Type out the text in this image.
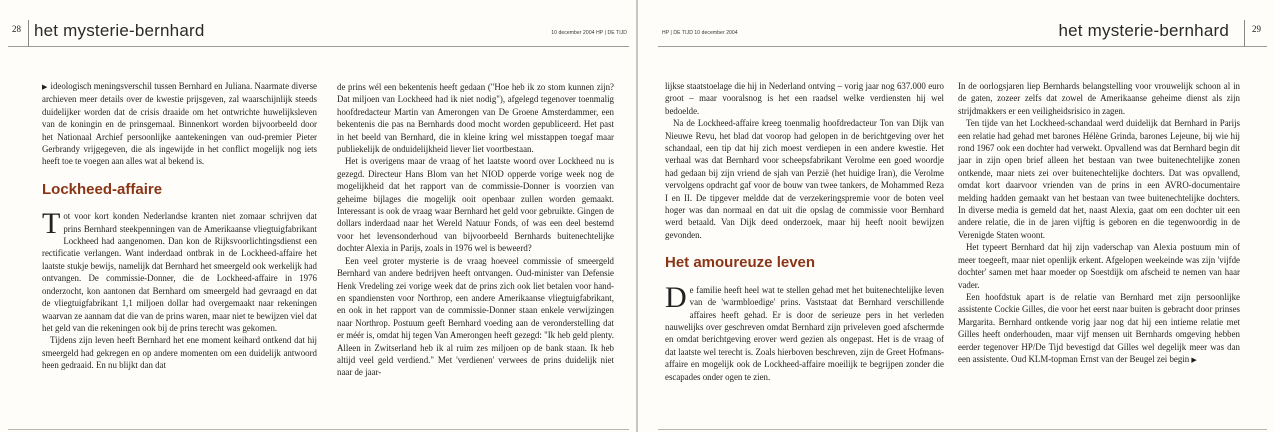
28 het mysterie-bernhard	10 december 2004 HP | DE TIJD

▶ ideologisch meningsverschil tussen Bernhard en Juliana. Naarmate diverse archieven meer details over de kwestie prijsgeven, zal waarschijnlijk steeds duidelijker worden dat de crisis draaide om het ontwrichte huwelijksleven van de koningin en de prinsgemaal. Binnenkort worden bijvoorbeeld door het Nationaal Archief persoonlijke aantekeningen van oud-premier Pieter Gerbrandy vrijgegeven, die als ingewijde in het conflict mogelijk nog iets heeft toe te voegen aan alles wat al bekend is.

Lockheed-affaire

Tot voor kort konden Nederlandse kranten niet zomaar schrijven dat prins Bernhard steekpenningen van de Amerikaanse vliegtuigfabrikant Lockheed had aangenomen. Dan kon de Rijksvoorlichtingsdienst een rectificatie verlangen. Want inderdaad ontbrak in de Lockheed-affaire het laatste stukje bewijs, namelijk dat Bernhard het smeergeld ook werkelijk had ontvangen. De commissie-Donner, die de Lockheed-affaire in 1976 onderzocht, kon aantonen dat Bernhard om smeergeld had gevraagd en dat de vliegtuigfabrikant 1,1 miljoen dollar had overgemaakt naar rekeningen waarvan ze aannam dat die van de prins waren, maar niet te bewijzen viel dat het geld van die rekeningen ook bij de prins terecht was gekomen.

Tijdens zijn leven heeft Bernhard het ene moment keihard ontkend dat hij smeergeld had gekregen en op andere momenten om een duidelijk antwoord heen gedraaid. En nu blijkt dan dat

de prins wél een bekentenis heeft gedaan ("Hoe heb ik zo stom kunnen zijn? Dat miljoen van Lockheed had ik niet nodig"), afgelegd tegenover toenmalig hoofdredacteur Martin van Amerongen van De Groene Amsterdammer, een bekentenis die pas na Bernhards dood mocht worden gepubliceerd. Het past in het beeld van Bernhard, die in kleine kring wel misstappen toegaf maar publiekelijk de onduidelijkheid liever liet voortbestaan.

Het is overigens maar de vraag of het laatste woord over Lockheed nu is gezegd. Directeur Hans Blom van het NIOD opperde vorige week nog de mogelijkheid dat het rapport van de commissie-Donner is voorzien van geheime bijlages die mogelijk ooit openbaar zullen worden gemaakt. Interessant is ook de vraag waar Bernhard het geld voor gebruikte. Gingen de dollars inderdaad naar het Wereld Natuur Fonds, of was een deel bestemd voor het levensonderhoud van bijvoorbeeld Bernhards buitenechtelijke dochter Alexia in Parijs, zoals in 1976 wel is beweerd?

Een veel groter mysterie is de vraag hoeveel commissie of smeergeld Bernhard van andere bedrijven heeft ontvangen. Oud-minister van Defensie Henk Vredeling zei vorige week dat de prins zich ook liet betalen voor hand- en spandiensten voor Northrop, een andere Amerikaanse vliegtuigfabrikant, en ook in het rapport van de commissie-Donner staan enkele verwijzingen naar Northrop. Postuum geeft Bernhard voeding aan de veronderstelling dat er méér is, omdat hij tegen Van Amerongen heeft gezegd: "Ik heb geld plenty. Alleen in Zwitserland heb ik al ruim zes miljoen op de bank staan. Ik heb altijd veel geld verdiend." Met 'verdienen' verwees de prins duidelijk niet naar de jaar-

HP | DE TIJD 10 december 2004	het mysterie-bernhard	29

lijkse staatstoelage die hij in Nederland ontving – vorig jaar nog 637.000 euro groot – maar vooralsnog is het een raadsel welke verdiensten hij wel bedoelde.

Na de Lockheed-affaire kreeg toenmalig hoofdredacteur Ton van Dijk van Nieuwe Revu, het blad dat voorop had gelopen in de berichtgeving over het schandaal, een tip dat hij zich moest verdiepen in een andere kwestie. Het verhaal was dat Bernhard voor scheepsfabrikant Verolme een goed woordje had gedaan bij zijn vriend de sjah van Perzië (het huidige Iran), die Verolme vervolgens opdracht gaf voor de bouw van twee tankers, de Mohammed Reza I en II. De tipgever meldde dat de verzekeringspremie voor de boten veel hoger was dan normaal en dat uit die opslag de commissie voor Bernhard werd betaald. Van Dijk deed onderzoek, maar hij heeft nooit bewijzen gevonden.

Het amoureuze leven

De familie heeft heel wat te stellen gehad met het buitenechtelijke leven van de 'warmbloedige' prins. Vaststaat dat Bernhard verschillende affaires heeft gehad. Er is door de serieuze pers in het verleden nauwelijks over geschreven omdat Bernhard zijn priveleven goed afschermde en omdat berichtgeving erover werd gezien als ongepast. Het is de vraag of dat laatste wel terecht is. Zoals hierboven beschreven, zijn de Greet Hofmans-affaire en mogelijk ook de Lockheed-affaire moeilijk te begrijpen zonder die escapades onder ogen te zien.

In de oorlogsjaren liep Bernhards belangstelling voor vrouwelijk schoon al in de gaten, zozeer zelfs dat zowel de Amerikaanse geheime dienst als zijn strijdmakkers er een veiligheidsrisico in zagen.

Ten tijde van het Lockheed-schandaal werd duidelijk dat Bernhard in Parijs een relatie had gehad met barones Hélène Grinda, barones Lejeune, bij wie hij rond 1967 ook een dochter had verwekt. Opvallend was dat Bernhard begin dit jaar in zijn open brief alleen het bestaan van twee buitenechtelijke zonen ontkende, maar niets zei over buitenechtelijke dochters. Dat was opvallend, omdat kort daarvoor vrienden van de prins in een AVRO-documentaire melding hadden gemaakt van het bestaan van twee buitenechtelijke dochters. In diverse media is gemeld dat het, naast Alexia, gaat om een dochter uit een andere relatie, die in de jaren vijftig is geboren en die tegenwoordig in de Verenigde Staten woont.

Het typeert Bernhard dat hij zijn vaderschap van Alexia postuum min of meer toegeeft, maar niet openlijk erkent. Afgelopen weekeinde was zijn 'vijfde dochter' samen met haar moeder op Soestdijk om afscheid te nemen van haar vader.

Een hoofdstuk apart is de relatie van Bernhard met zijn persoonlijke assistente Cockie Gilles, die voor het eerst naar buiten is gebracht door prinses Margarita. Bernhard ontkende vorig jaar nog dat hij een intieme relatie met Gilles heeft onderhouden, maar vijf mensen uit Bernhards omgeving hebben eerder tegenover HP/De Tijd bevestigd dat Gilles wel degelijk meer was dan een assistente. Oud KLM-topman Ernst van der Beugel zei begin ▶
